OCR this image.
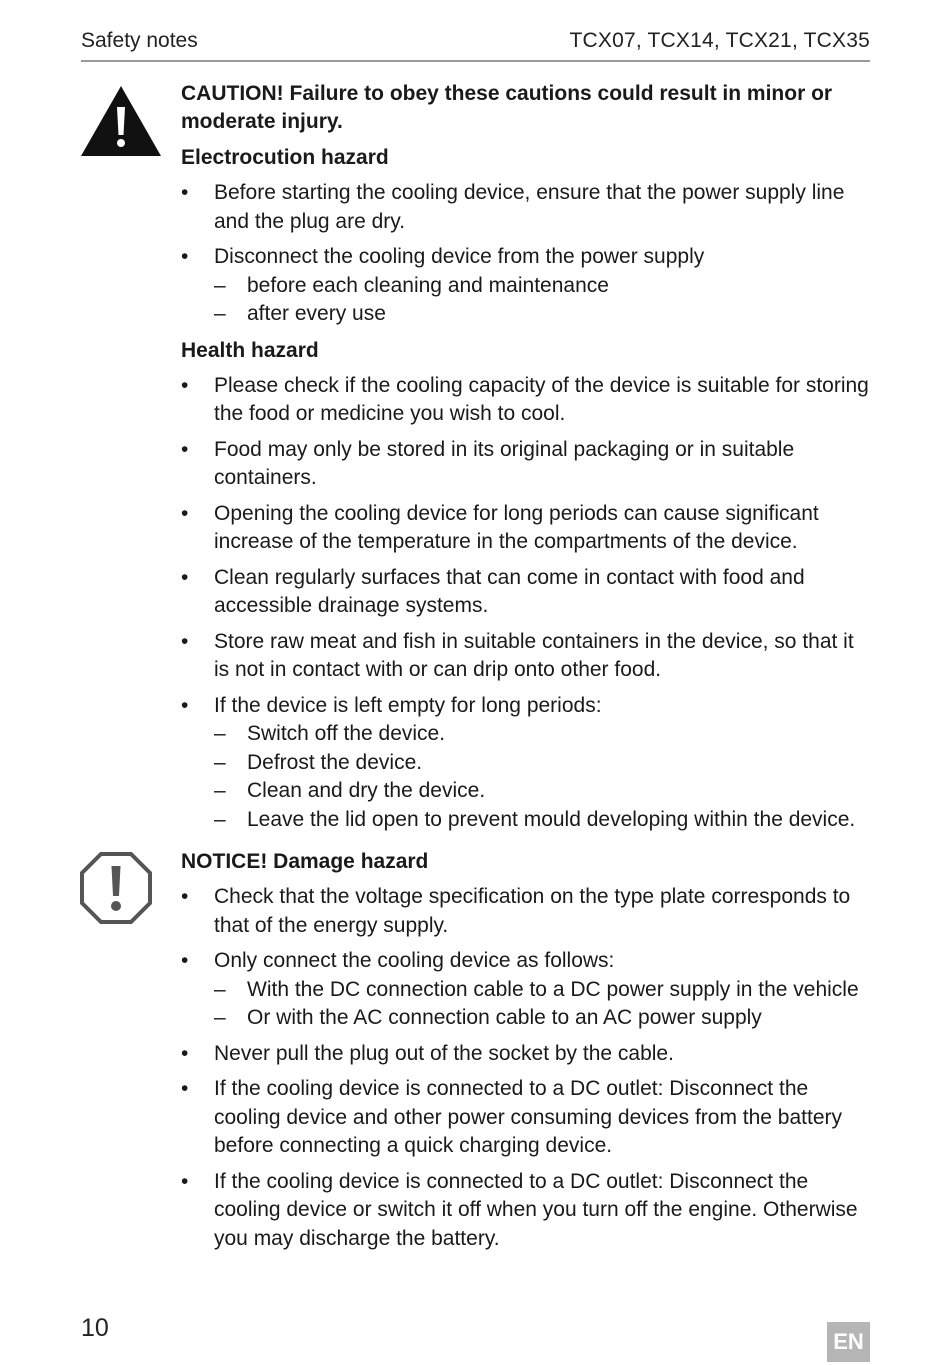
Safety notes	TCX07, TCX14, TCX21, TCX35

CAUTION! Failure to obey these cautions could result in minor or moderate injury.

Electrocution hazard

•	Before starting the cooling device, ensure that the power supply line and the plug are dry.
•	Disconnect the cooling device from the power supply
– before each cleaning and maintenance
– after every use

Health hazard

•	Please check if the cooling capacity of the device is suitable for storing the food or medicine you wish to cool.
•	Food may only be stored in its original packaging or in suitable containers.
•	Opening the cooling device for long periods can cause significant increase of the temperature in the compartments of the device.
•	Clean regularly surfaces that can come in contact with food and accessible drainage systems.
•	Store raw meat and fish in suitable containers in the device, so that it is not in contact with or can drip onto other food.
•	If the device is left empty for long periods:
– Switch off the device.
– Defrost the device.
– Clean and dry the device.
– Leave the lid open to prevent mould developing within the device.

NOTICE! Damage hazard

•	Check that the voltage specification on the type plate corresponds to that of the energy supply.
•	Only connect the cooling device as follows:
– With the DC connection cable to a DC power supply in the vehicle
– Or with the AC connection cable to an AC power supply
•	Never pull the plug out of the socket by the cable.
•	If the cooling device is connected to a DC outlet: Disconnect the cooling device and other power consuming devices from the battery before connecting a quick charging device.
•	If the cooling device is connected to a DC outlet: Disconnect the cooling device or switch it off when you turn off the engine. Otherwise you may discharge the battery.
10	EN
